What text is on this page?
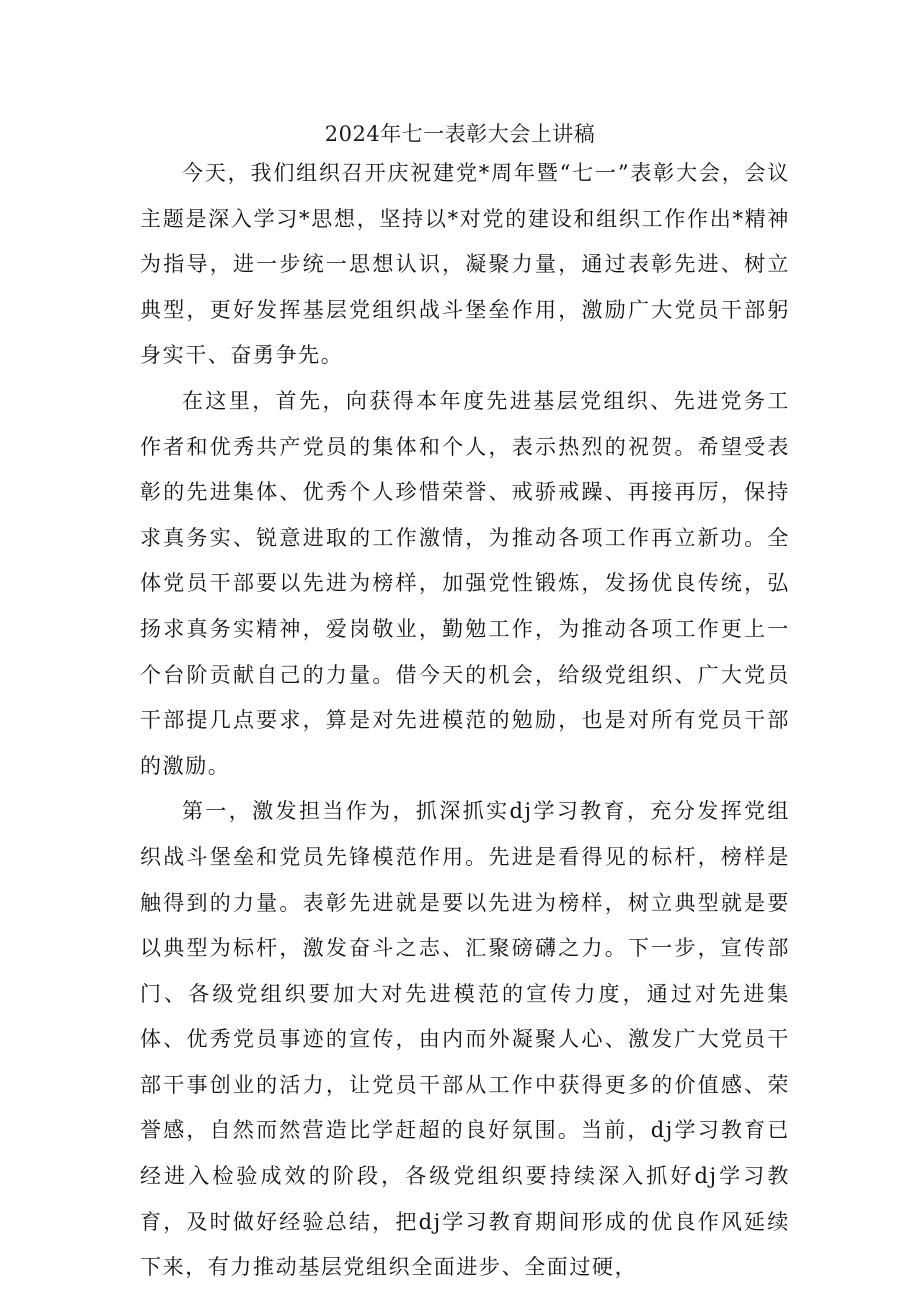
2024年七一表彰大会上讲稿

今天，我们组织召开庆祝建党*周年暨“七一”表彰大会，会议主题是深入学习*思想，坚持以*对党的建设和组织工作作出*精神为指导，进一步统一思想认识，凝聚力量，通过表彰先进、树立典型，更好发挥基层党组织战斗堡垒作用，激励广大党员干部躬身实干、奋勇争先。

在这里，首先，向获得本年度先进基层党组织、先进党务工作者和优秀共产党员的集体和个人，表示热烈的祝贺。希望受表彰的先进集体、优秀个人珍惜荣誉、戒骄戒躁、再接再厉，保持求真务实、锐意进取的工作激情，为推动各项工作再立新功。全体党员干部要以先进为榜样，加强党性锻炼，发扬优良传统，弘扬求真务实精神，爱岗敬业，勤勉工作，为推动各项工作更上一个台阶贡献自己的力量。借今天的机会，给级党组织、广大党员干部提几点要求，算是对先进模范的勉励，也是对所有党员干部的激励。

第一，激发担当作为，抓深抓实dj学习教育，充分发挥党组织战斗堡垒和党员先锋模范作用。先进是看得见的标杆，榜样是触得到的力量。表彰先进就是要以先进为榜样，树立典型就是要以典型为标杆，激发奋斗之志、汇聚磅礴之力。下一步，宣传部门、各级党组织要加大对先进模范的宣传力度，通过对先进集体、优秀党员事迹的宣传，由内而外凝聚人心、激发广大党员干部干事创业的活力，让党员干部从工作中获得更多的价值感、荣誉感，自然而然营造比学赶超的良好氛围。当前，dj学习教育已经进入检验成效的阶段，各级党组织要持续深入抓好dj学习教育，及时做好经验总结，把dj学习教育期间形成的优良作风延续下来，有力推动基层党组织全面进步、全面过硬，
